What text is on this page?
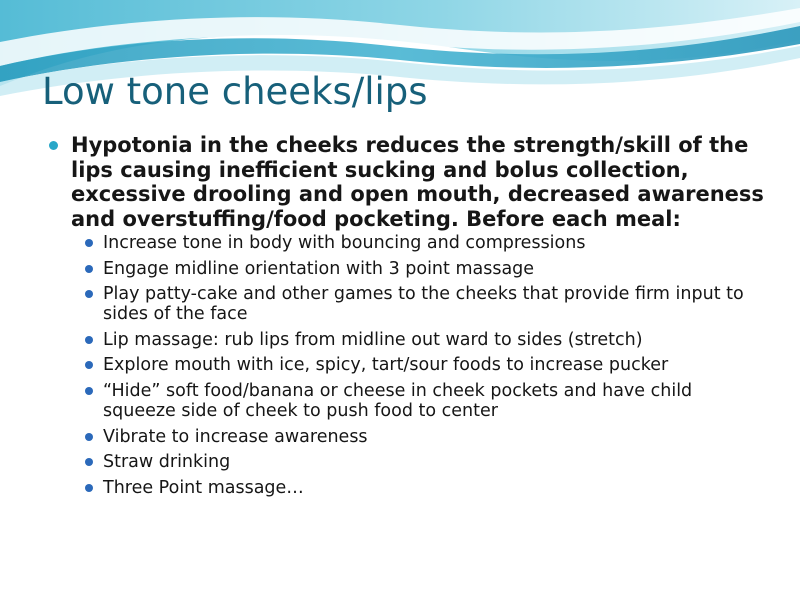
Low tone cheeks/lips
Hypotonia in the cheeks reduces the strength/skill of the lips causing inefficient sucking and bolus collection, excessive drooling and open mouth, decreased awareness and overstuffing/food pocketing. Before each meal:
Increase tone in body with bouncing and compressions
Engage midline orientation with 3 point massage
Play patty-cake and other games to the cheeks that provide firm input to sides of the face
Lip massage: rub lips from midline out ward to sides (stretch)
Explore mouth with ice, spicy, tart/sour foods to increase pucker
“Hide” soft food/banana or cheese in cheek pockets and have child squeeze side of cheek to push food to center
Vibrate to increase awareness
Straw drinking
Three Point massage…
